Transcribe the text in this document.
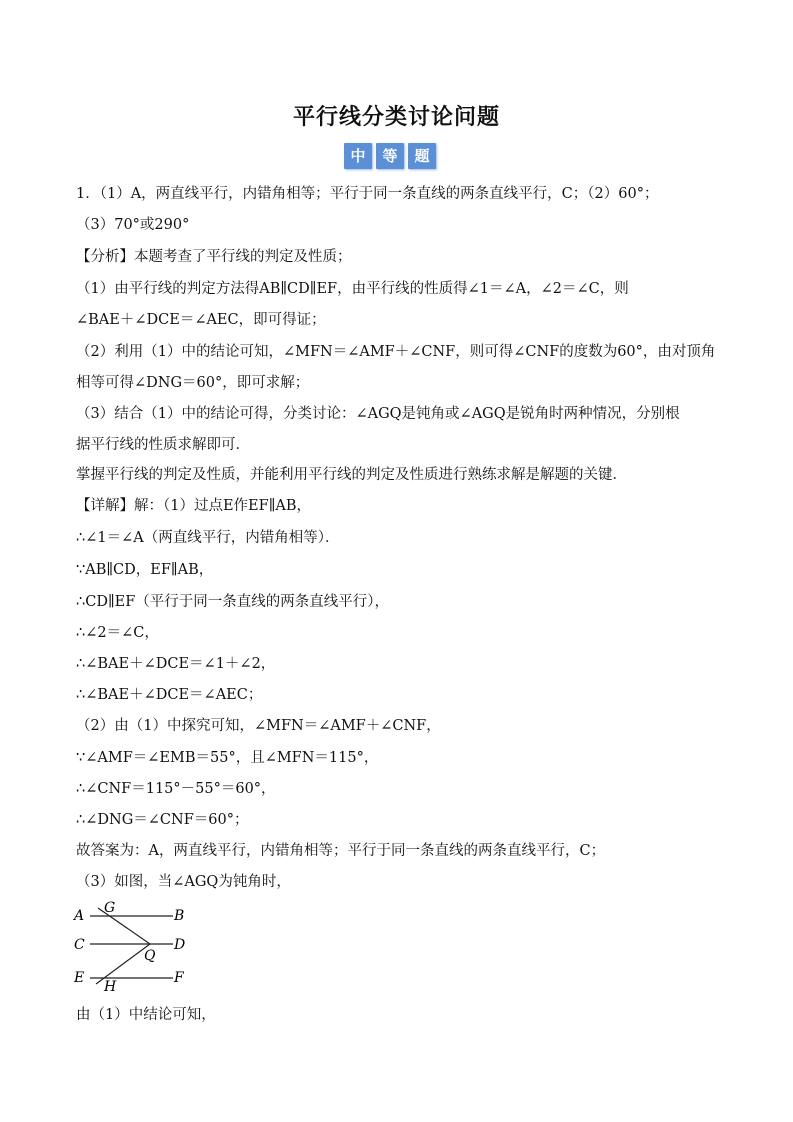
平行线分类讨论问题
中	等	题
1．（1）A，两直线平行，内错角相等；平行于同一条直线的两条直线平行，C；（2）60°；
（3）70°或290°
【分析】本题考查了平行线的判定及性质；
（1）由平行线的判定方法得AB∥CD∥EF，由平行线的性质得∠1＝∠A，∠2＝∠C，则
∠BAE＋∠DCE＝∠AEC，即可得证；
（2）利用（1）中的结论可知，∠MFN＝∠AMF＋∠CNF，则可得∠CNF的度数为60°，由对顶角
相等可得∠DNG＝60°，即可求解；
（3）结合（1）中的结论可得，分类讨论：∠AGQ是钝角或∠AGQ是锐角时两种情况，分别根
据平行线的性质求解即可．
掌握平行线的判定及性质，并能利用平行线的判定及性质进行熟练求解是解题的关键．
【详解】解：（1）过点E作EF∥AB，
∴∠1＝∠A（两直线平行，内错角相等）．
∵AB∥CD，EF∥AB，
∴CD∥EF（平行于同一条直线的两条直线平行），
∴∠2＝∠C，
∴∠BAE＋∠DCE＝∠1＋∠2，
∴∠BAE＋∠DCE＝∠AEC；
（2）由（1）中探究可知，∠MFN＝∠AMF＋∠CNF，
∵∠AMF＝∠EMB＝55°，且∠MFN＝115°，
∴∠CNF＝115°－55°＝60°，
∴∠DNG＝∠CNF＝60°；
故答案为：A，两直线平行，内错角相等；平行于同一条直线的两条直线平行，C；
（3）如图，当∠AGQ为钝角时，
A	B
C	D
E	F
G
Q
H
由（1）中结论可知，
